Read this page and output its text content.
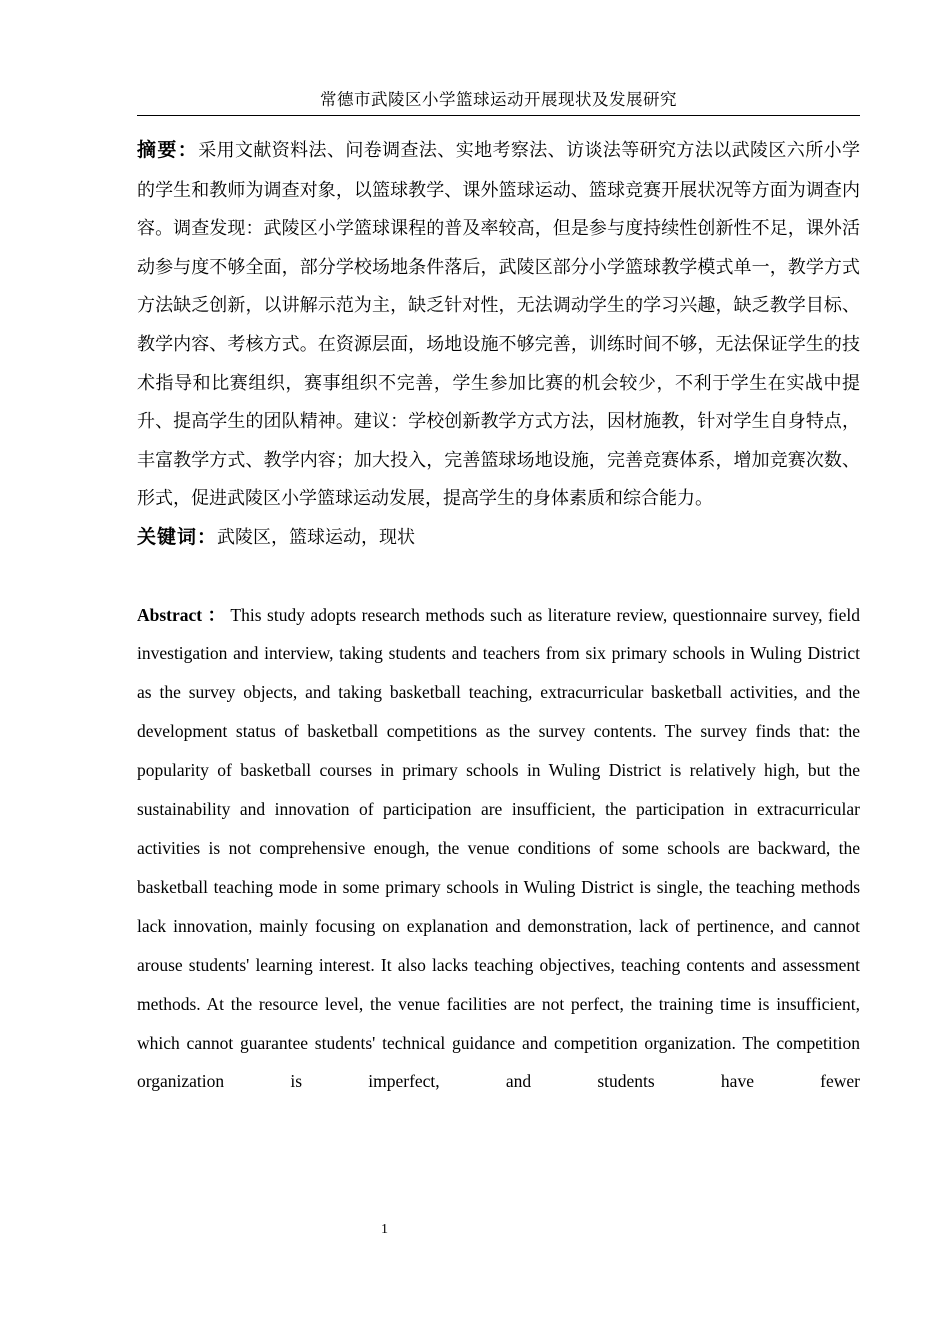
常德市武陵区小学篮球运动开展现状及发展研究

摘要：采用文献资料法、问卷调查法、实地考察法、访谈法等研究方法以武陵区六所小学的学生和教师为调查对象，以篮球教学、课外篮球运动、篮球竞赛开展状况等方面为调查内容。调查发现：武陵区小学篮球课程的普及率较高，但是参与度持续性创新性不足，课外活动参与度不够全面，部分学校场地条件落后，武陵区部分小学篮球教学模式单一，教学方式方法缺乏创新，以讲解示范为主，缺乏针对性，无法调动学生的学习兴趣，缺乏教学目标、教学内容、考核方式。在资源层面，场地设施不够完善，训练时间不够，无法保证学生的技术指导和比赛组织，赛事组织不完善，学生参加比赛的机会较少，不利于学生在实战中提升、提高学生的团队精神。建议：学校创新教学方式方法，因材施教，针对学生自身特点，丰富教学方式、教学内容；加大投入，完善篮球场地设施，完善竞赛体系，增加竞赛次数、形式，促进武陵区小学篮球运动发展，提高学生的身体素质和综合能力。

关键词：武陵区，篮球运动，现状

Abstract ： This study adopts research methods such as literature review, questionnaire survey, field investigation and interview, taking students and teachers from six primary schools in Wuling District as the survey objects, and taking basketball teaching, extracurricular basketball activities, and the development status of basketball competitions as the survey contents. The survey finds that: the popularity of basketball courses in primary schools in Wuling District is relatively high, but the sustainability and innovation of participation are insufficient, the participation in extracurricular activities is not comprehensive enough, the venue conditions of some schools are backward, the basketball teaching mode in some primary schools in Wuling District is single, the teaching methods lack innovation, mainly focusing on explanation and demonstration, lack of pertinence, and cannot arouse students' learning interest. It also lacks teaching objectives, teaching contents and assessment methods. At the resource level, the venue facilities are not perfect, the training time is insufficient, which cannot guarantee students' technical guidance and competition organization. The competition organization is imperfect, and students have fewer

1
